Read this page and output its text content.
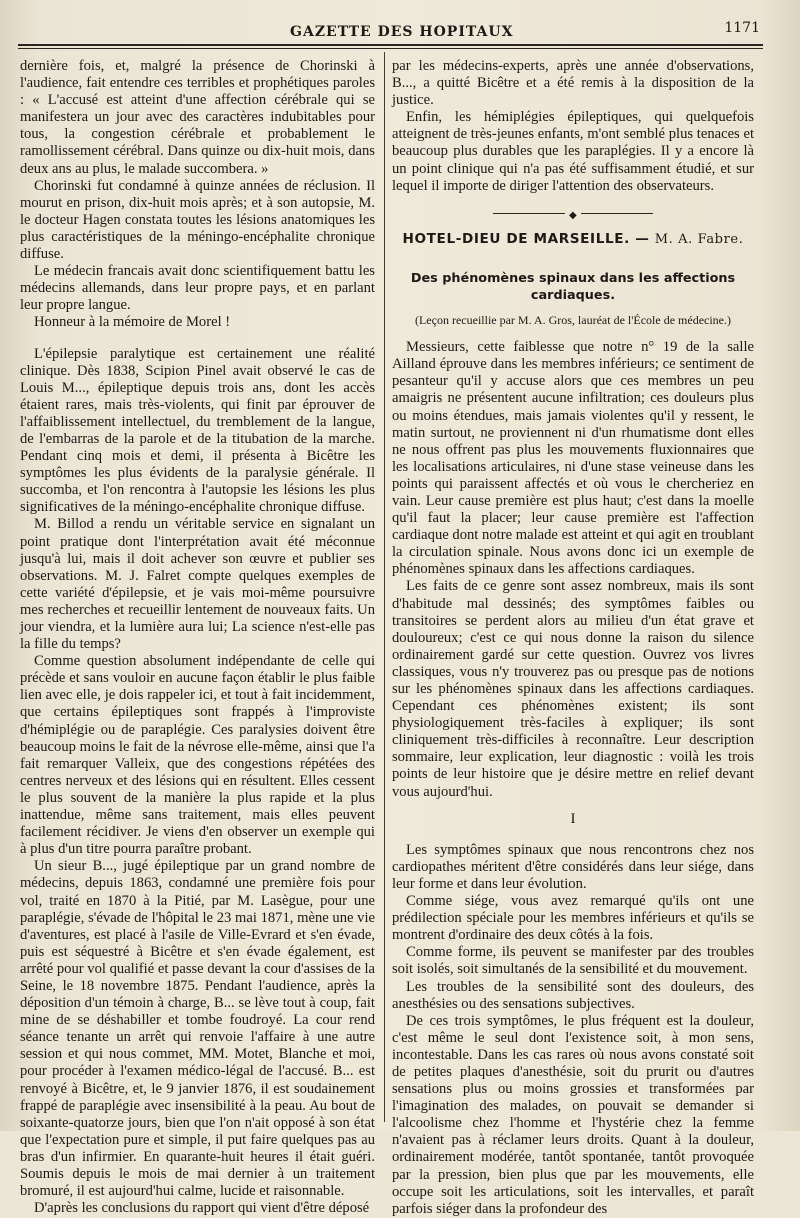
GAZETTE DES HOPITAUX	1171

dernière fois, et, malgré la présence de Chorinski à l'audience, fait entendre ces terribles et prophétiques paroles : « L'accusé est atteint d'une affection cérébrale qui se manifestera un jour avec des caractères indubitables pour tous, la congestion cérébrale et probablement le ramollissement cérébral. Dans quinze ou dix-huit mois, dans deux ans au plus, le malade succombera. »

Chorinski fut condamné à quinze années de réclusion. Il mourut en prison, dix-huit mois après; et à son autopsie, M. le docteur Hagen constata toutes les lésions anatomiques les plus caractéristiques de la méningo-encéphalite chronique diffuse.

Le médecin francais avait donc scientifiquement battu les médecins allemands, dans leur propre pays, et en parlant leur propre langue.

Honneur à la mémoire de Morel !

L'épilepsie paralytique est certainement une réalité clinique. Dès 1838, Scipion Pinel avait observé le cas de Louis M..., épileptique depuis trois ans, dont les accès étaient rares, mais très-violents, qui finit par éprouver de l'affaiblissement intellectuel, du tremblement de la langue, de l'embarras de la parole et de la titubation de la marche. Pendant cinq mois et demi, il présenta à Bicêtre les symptômes les plus évidents de la paralysie générale. Il succomba, et l'on rencontra à l'autopsie les lésions les plus significatives de la méningo-encéphalite chronique diffuse.

M. Billod a rendu un véritable service en signalant un point pratique dont l'interprétation avait été méconnue jusqu'à lui, mais il doit achever son œuvre et publier ses observations. M. J. Falret compte quelques exemples de cette variété d'épilepsie, et je vais moi-même poursuivre mes recherches et recueillir lentement de nouveaux faits. Un jour viendra, et la lumière aura lui; La science n'est-elle pas la fille du temps?

Comme question absolument indépendante de celle qui précède et sans vouloir en aucune façon établir le plus faible lien avec elle, je dois rappeler ici, et tout à fait incidemment, que certains épileptiques sont frappés à l'improviste d'hémiplégie ou de paraplégie. Ces paralysies doivent être beaucoup moins le fait de la névrose elle-même, ainsi que l'a fait remarquer Valleix, que des congestions répétées des centres nerveux et des lésions qui en résultent. Elles cessent le plus souvent de la manière la plus rapide et la plus inattendue, même sans traitement, mais elles peuvent facilement récidiver. Je viens d'en observer un exemple qui à plus d'un titre pourra paraître probant.

Un sieur B..., jugé épileptique par un grand nombre de médecins, depuis 1863, condamné une première fois pour vol, traité en 1870 à la Pitié, par M. Lasègue, pour une paraplégie, s'évade de l'hôpital le 23 mai 1871, mène une vie d'aventures, est placé à l'asile de Ville-Evrard et s'en évade, puis est séquestré à Bicêtre et s'en évade également, est arrêté pour vol qualifié et passe devant la cour d'assises de la Seine, le 18 novembre 1875. Pendant l'audience, après la déposition d'un témoin à charge, B... se lève tout à coup, fait mine de se déshabiller et tombe foudroyé. La cour rend séance tenante un arrêt qui renvoie l'affaire à une autre session et qui nous commet, MM. Motet, Blanche et moi, pour procéder à l'examen médico-légal de l'accusé. B... est renvoyé à Bicêtre, et, le 9 janvier 1876, il est soudainement frappé de paraplégie avec insensibilité à la peau. Au bout de soixante-quatorze jours, bien que l'on n'ait opposé à son état que l'expectation pure et simple, il put faire quelques pas au bras d'un infirmier. En quarante-huit heures il était guéri. Soumis depuis le mois de mai dernier à un traitement bromuré, il est aujourd'hui calme, lucide et raisonnable.

D'après les conclusions du rapport qui vient d'être déposé

par les médecins-experts, après une année d'observations, B..., a quitté Bicêtre et a été remis à la disposition de la justice.

Enfin, les hémiplégies épileptiques, qui quelquefois atteignent de très-jeunes enfants, m'ont semblé plus tenaces et beaucoup plus durables que les paraplégies. Il y a encore là un point clinique qui n'a pas été suffisamment étudié, et sur lequel il importe de diriger l'attention des observateurs.

◆
HOTEL-DIEU DE MARSEILLE. — M. A. Fabre.
Des phénomènes spinaux dans les affections cardiaques.
(Leçon recueillie par M. A. Gros, lauréat de l'École de médecine.)

Messieurs, cette faiblesse que notre n° 19 de la salle Ailland éprouve dans les membres inférieurs; ce sentiment de pesanteur qu'il y accuse alors que ces membres un peu amaigris ne présentent aucune infiltration; ces douleurs plus ou moins étendues, mais jamais violentes qu'il y ressent, le matin surtout, ne proviennent ni d'un rhumatisme dont elles ne nous offrent pas plus les mouvements fluxionnaires que les localisations articulaires, ni d'une stase veineuse dans les points qui paraissent affectés et où vous le chercheriez en vain. Leur cause première est plus haut; c'est dans la moelle qu'il faut la placer; leur cause première est l'affection cardiaque dont notre malade est atteint et qui agit en troublant la circulation spinale. Nous avons donc ici un exemple de phénomènes spinaux dans les affections cardiaques.

Les faits de ce genre sont assez nombreux, mais ils sont d'habitude mal dessinés; des symptômes faibles ou transitoires se perdent alors au milieu d'un état grave et douloureux; c'est ce qui nous donne la raison du silence ordinairement gardé sur cette question. Ouvrez vos livres classiques, vous n'y trouverez pas ou presque pas de notions sur les phénomènes spinaux dans les affections cardiaques. Cependant ces phénomènes existent; ils sont physiologiquement très-faciles à expliquer; ils sont cliniquement très-difficiles à reconnaître. Leur description sommaire, leur explication, leur diagnostic : voilà les trois points de leur histoire que je désire mettre en relief devant vous aujourd'hui.

I

Les symptômes spinaux que nous rencontrons chez nos cardiopathes méritent d'être considérés dans leur siége, dans leur forme et dans leur évolution.

Comme siége, vous avez remarqué qu'ils ont une prédilection spéciale pour les membres inférieurs et qu'ils se montrent d'ordinaire des deux côtés à la fois.

Comme forme, ils peuvent se manifester par des troubles soit isolés, soit simultanés de la sensibilité et du mouvement.

Les troubles de la sensibilité sont des douleurs, des anesthésies ou des sensations subjectives.

De ces trois symptômes, le plus fréquent est la douleur, c'est même le seul dont l'existence soit, à mon sens, incontestable. Dans les cas rares où nous avons constaté soit de petites plaques d'anesthésie, soit du prurit ou d'autres sensations plus ou moins grossies et transformées par l'imagination des malades, on pouvait se demander si l'alcoolisme chez l'homme et l'hystérie chez la femme n'avaient pas à réclamer leurs droits. Quant à la douleur, ordinairement modérée, tantôt spontanée, tantôt provoquée par la pression, bien plus que par les mouvements, elle occupe soit les articulations, soit les intervalles, et paraît parfois siéger dans la profondeur des
